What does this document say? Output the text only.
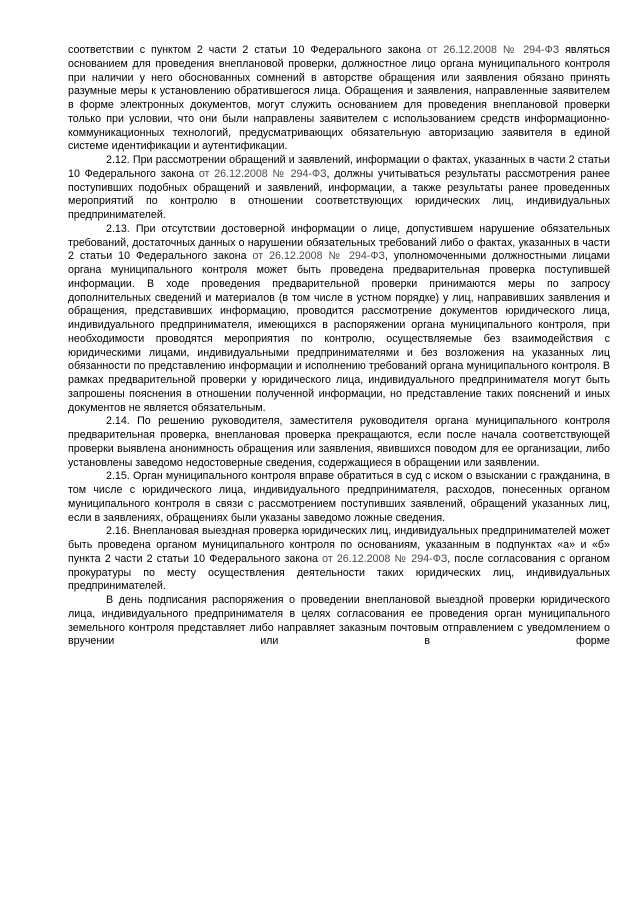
соответствии с пунктом 2 части 2 статьи 10 Федерального закона от 26.12.2008 № 294-ФЗ являться основанием для проведения внеплановой проверки, должностное лицо органа муниципального контроля при наличии у него обоснованных сомнений в авторстве обращения или заявления обязано принять разумные меры к установлению обратившегося лица. Обращения и заявления, направленные заявителем в форме электронных документов, могут служить основанием для проведения внеплановой проверки только при условии, что они были направлены заявителем с использованием средств информационно-коммуникационных технологий, предусматривающих обязательную авторизацию заявителя в единой системе идентификации и аутентификации.

2.12. При рассмотрении обращений и заявлений, информации о фактах, указанных в части 2 статьи 10 Федерального закона от 26.12.2008 № 294-ФЗ, должны учитываться результаты рассмотрения ранее поступивших подобных обращений и заявлений, информации, а также результаты ранее проведенных мероприятий по контролю в отношении соответствующих юридических лиц, индивидуальных предпринимателей.

2.13. При отсутствии достоверной информации о лице, допустившем нарушение обязательных требований, достаточных данных о нарушении обязательных требований либо о фактах, указанных в части 2 статьи 10 Федерального закона от 26.12.2008 № 294-ФЗ, уполномоченными должностными лицами органа муниципального контроля может быть проведена предварительная проверка поступившей информации. В ходе проведения предварительной проверки принимаются меры по запросу дополнительных сведений и материалов (в том числе в устном порядке) у лиц, направивших заявления и обращения, представивших информацию, проводится рассмотрение документов юридического лица, индивидуального предпринимателя, имеющихся в распоряжении органа муниципального контроля, при необходимости проводятся мероприятия по контролю, осуществляемые без взаимодействия с юридическими лицами, индивидуальными предпринимателями и без возложения на указанных лиц обязанности по представлению информации и исполнению требований органа муниципального контроля. В рамках предварительной проверки у юридического лица, индивидуального предпринимателя могут быть запрошены пояснения в отношении полученной информации, но представление таких пояснений и иных документов не является обязательным.

2.14. По решению руководителя, заместителя руководителя органа муниципального контроля предварительная проверка, внеплановая проверка прекращаются, если после начала соответствующей проверки выявлена анонимность обращения или заявления, явившихся поводом для ее организации, либо установлены заведомо недостоверные сведения, содержащиеся в обращении или заявлении.

2.15. Орган муниципального контроля вправе обратиться в суд с иском о взыскании с гражданина, в том числе с юридического лица, индивидуального предпринимателя, расходов, понесенных органом муниципального контроля в связи с рассмотрением поступивших заявлений, обращений указанных лиц, если в заявлениях, обращениях были указаны заведомо ложные сведения.

2.16. Внеплановая выездная проверка юридических лиц, индивидуальных предпринимателей может быть проведена органом муниципального контроля по основаниям, указанным в подпунктах «а» и «б» пункта 2 части 2 статьи 10 Федерального закона от 26.12.2008 № 294-ФЗ, после согласования с органом прокуратуры по месту осуществления деятельности таких юридических лиц, индивидуальных предпринимателей.

В день подписания распоряжения о проведении внеплановой выездной проверки юридического лица, индивидуального предпринимателя в целях согласования ее проведения орган муниципального земельного контроля представляет либо направляет заказным почтовым отправлением с уведомлением о вручении или в форме
